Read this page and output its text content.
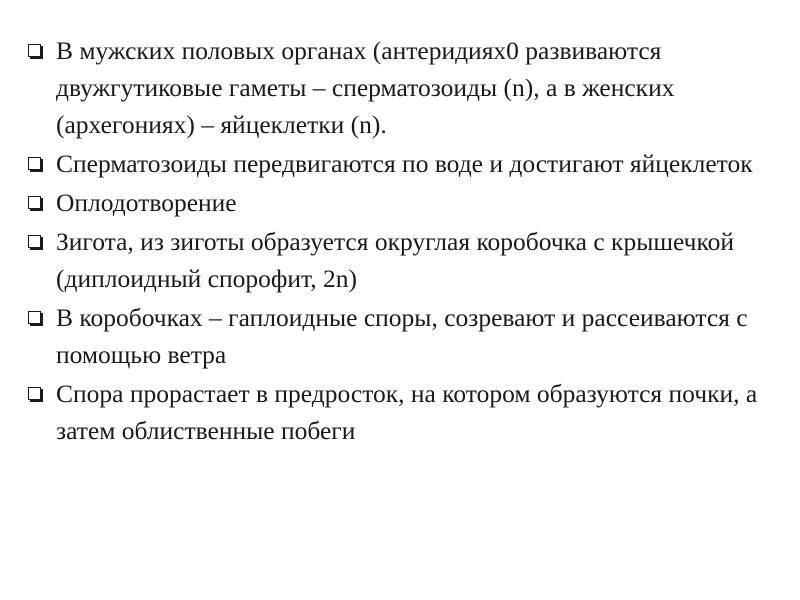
В мужских половых органах (антеридиях0 развиваются двужгутиковые гаметы – сперматозоиды (n), а в женских (архегониях) – яйцеклетки (n).
Сперматозоиды передвигаются по воде и достигают яйцеклеток
Оплодотворение
Зигота, из зиготы образуется округлая коробочка с крышечкой (диплоидный спорофит, 2n)
В коробочках – гаплоидные споры, созревают и рассеиваются с помощью ветра
Спора прорастает в предросток, на котором образуются почки, а затем облиственные побеги
